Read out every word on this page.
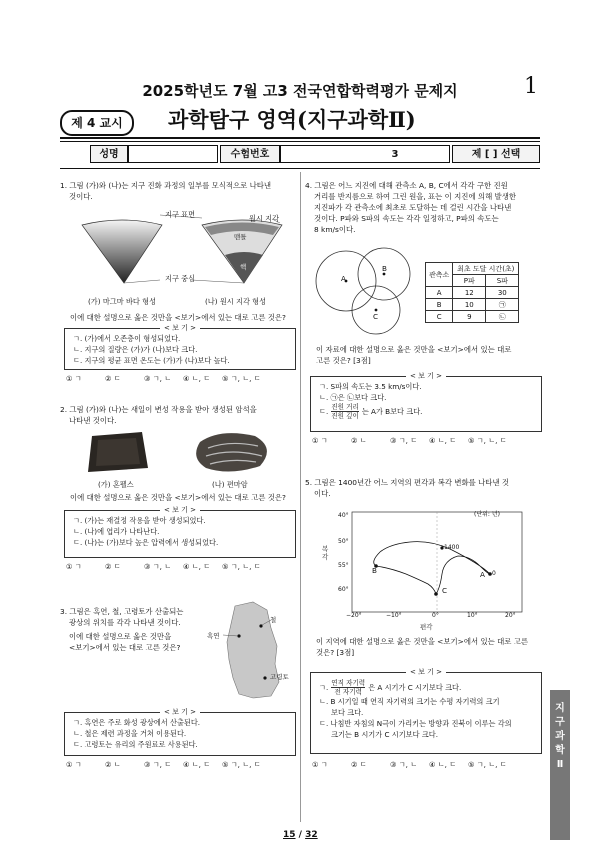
2025학년도 7월 고3 전국연합학력평가 문제지	1
제 4 교시	과학탐구 영역(지구과학Ⅱ)
성명	수험번호	3	제 [ ] 선택

1. 그림 (가)와 (나)는 지구 진화 과정의 일부를 모식적으로 나타낸

것이다.

지구 표면	원시 지각
맨틀
핵
지구 중심
(가) 마그마 바다 형성	(나) 원시 지각 형성
이에 대한 설명으로 옳은 것만을 <보기>에서 있는 대로 고른 것은?
< 보 기 >
ㄱ. (가)에서 오존층이 형성되었다.
ㄴ. 지구의 질량은 (가)가 (나)보다 크다.
ㄷ. 지구의 평균 표면 온도는 (가)가 (나)보다 높다.
① ㄱ	② ㄷ	③ ㄱ, ㄴ ④ ㄴ, ㄷ ⑤ ㄱ, ㄴ, ㄷ

2. 그림 (가)와 (나)는 새일이 변성 작용을 받아 생성된 암석을

나타낸 것이다.

(가) 혼펠스	(나) 편마암
이에 대한 설명으로 옳은 것만을 <보기>에서 있는 대로 고른 것은?
< 보 기 >
ㄱ. (가)는 재결정 작용을 받아 생성되었다.
ㄴ. (나)에 엽리가 나타난다.
ㄷ. (나)는 (가)보다 높은 압력에서 생성되었다.
① ㄱ	② ㄷ	③ ㄱ, ㄴ ④ ㄴ, ㄷ ⑤ ㄱ, ㄴ, ㄷ

3. 그림은 흑연, 철, 고령토가 산출되는

광상의 위치를 각각 나타낸 것이다.

이에 대한 설명으로 옳은 것만을

<보기>에서 있는 대로 고른 것은?

흑연
철
고령토
< 보 기 >
ㄱ. 흑연은 주로 화성 광상에서 산출된다.
ㄴ. 철은 제련 과정을 거쳐 이용된다.
ㄷ. 고령토는 유리의 주원료로 사용된다.
① ㄱ	② ㄴ	③ ㄱ, ㄷ ④ ㄴ, ㄷ ⑤ ㄱ, ㄴ, ㄷ

4. 그림은 어느 지진에 대해 관측소 A, B, C에서 각각 구한 진원

거리를 반지름으로 하여 그린 원을, 표는 이 지진에 의해 발생한

지진파가 각 관측소에 최초로 도달하는 데 걸린 시간을 나타낸

것이다. P파와 S파의 속도는 각각 일정하고, P파의 속도는

8 km/s이다.

A
B
C
관측소	최초 도달 시간(초)	
	P파	S파
A	12	30
B	10	㉠
C	9	㉡

이 자료에 대한 설명으로 옳은 것만을 <보기>에서 있는 대로

고른 것은? [3점]

< 보 기 >
ㄱ. S파의 속도는 3.5 km/s이다.
ㄴ. ㉠은 ㉡보다 크다.
ㄷ. 진원 거리
진원 깊이 는 A가 B보다 크다.
① ㄱ	② ㄴ	③ ㄱ, ㄷ ④ ㄴ, ㄷ ⑤ ㄱ, ㄴ, ㄷ

5. 그림은 1400년간 어느 지역의 편각과 복각 변화를 나타낸 것

이다.

(단위: 년)
복각
편각
40°
50°
55°
60°
−20°	−10°	0°	10°	20°
A
B
C
1400
0

이 지역에 대한 설명으로 옳은 것만을 <보기>에서 있는 대로 고른

것은? [3점]

< 보 기 >
ㄱ. 연직 자기력
전 자기력 은 A 시기가 C 시기보다 크다.
ㄴ. B 시기일 때 연직 자기력의 크기는 수평 자기력의 크기
보다 크다.
ㄷ. 나침반 자침의 N극이 가리키는 방향과 진북이 이루는 각의
크기는 B 시기가 C 시기보다 크다.
① ㄱ	② ㄷ	③ ㄱ, ㄴ ④ ㄴ, ㄷ ⑤ ㄱ, ㄴ, ㄷ
지
구
과
학
Ⅱ
15 / 32
